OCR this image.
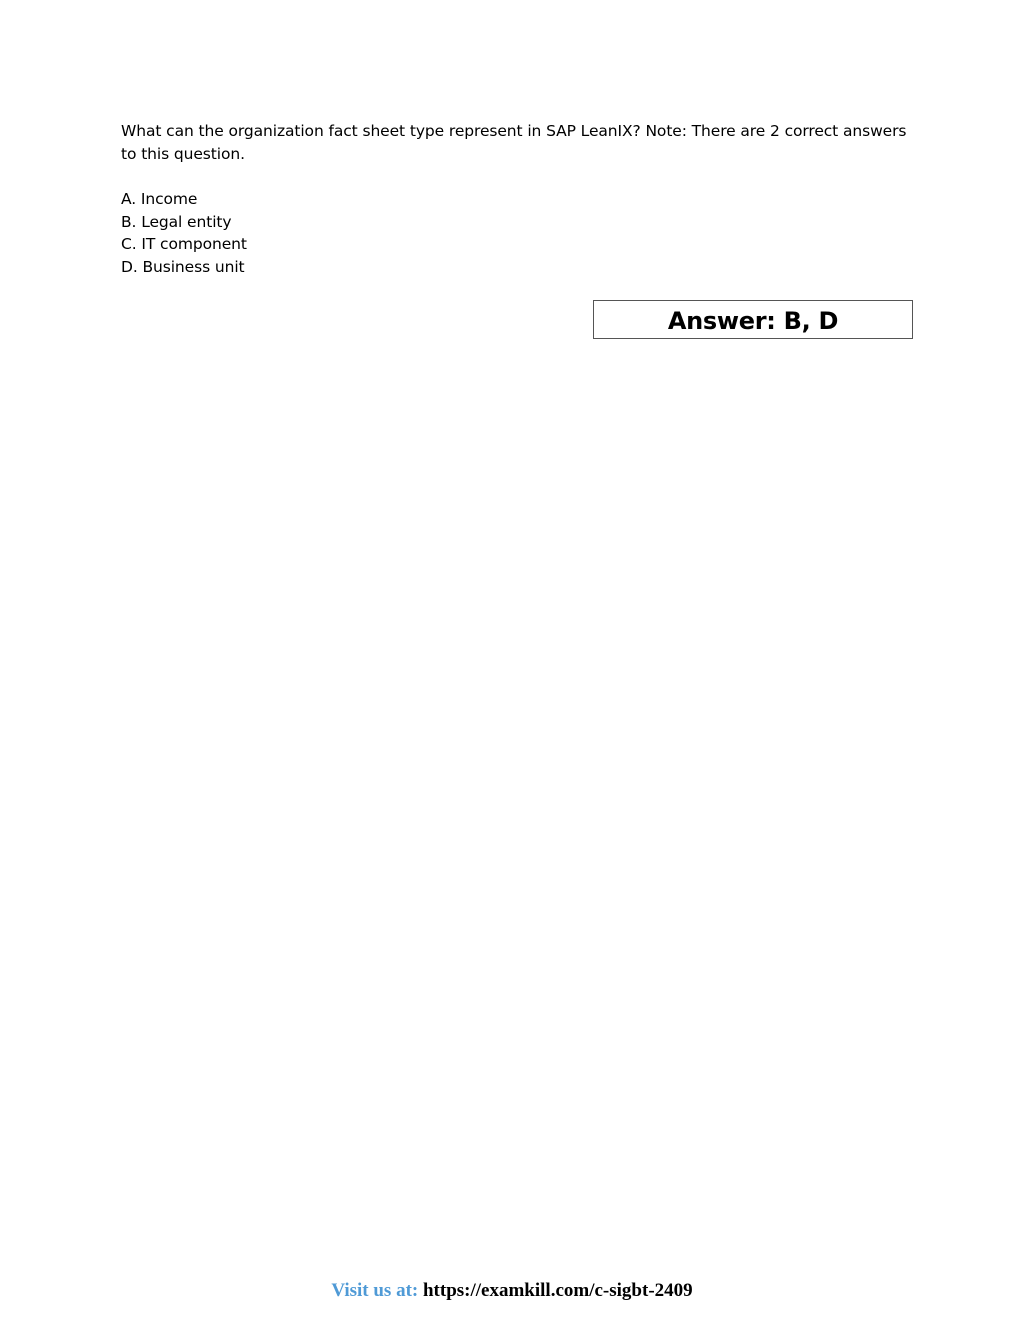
What can the organization fact sheet type represent in SAP LeanIX? Note: There are 2 correct answers to this question.

A. Income
B. Legal entity
C. IT component
D. Business unit
Answer: B, D
Visit us at: https://examkill.com/c-sigbt-2409
